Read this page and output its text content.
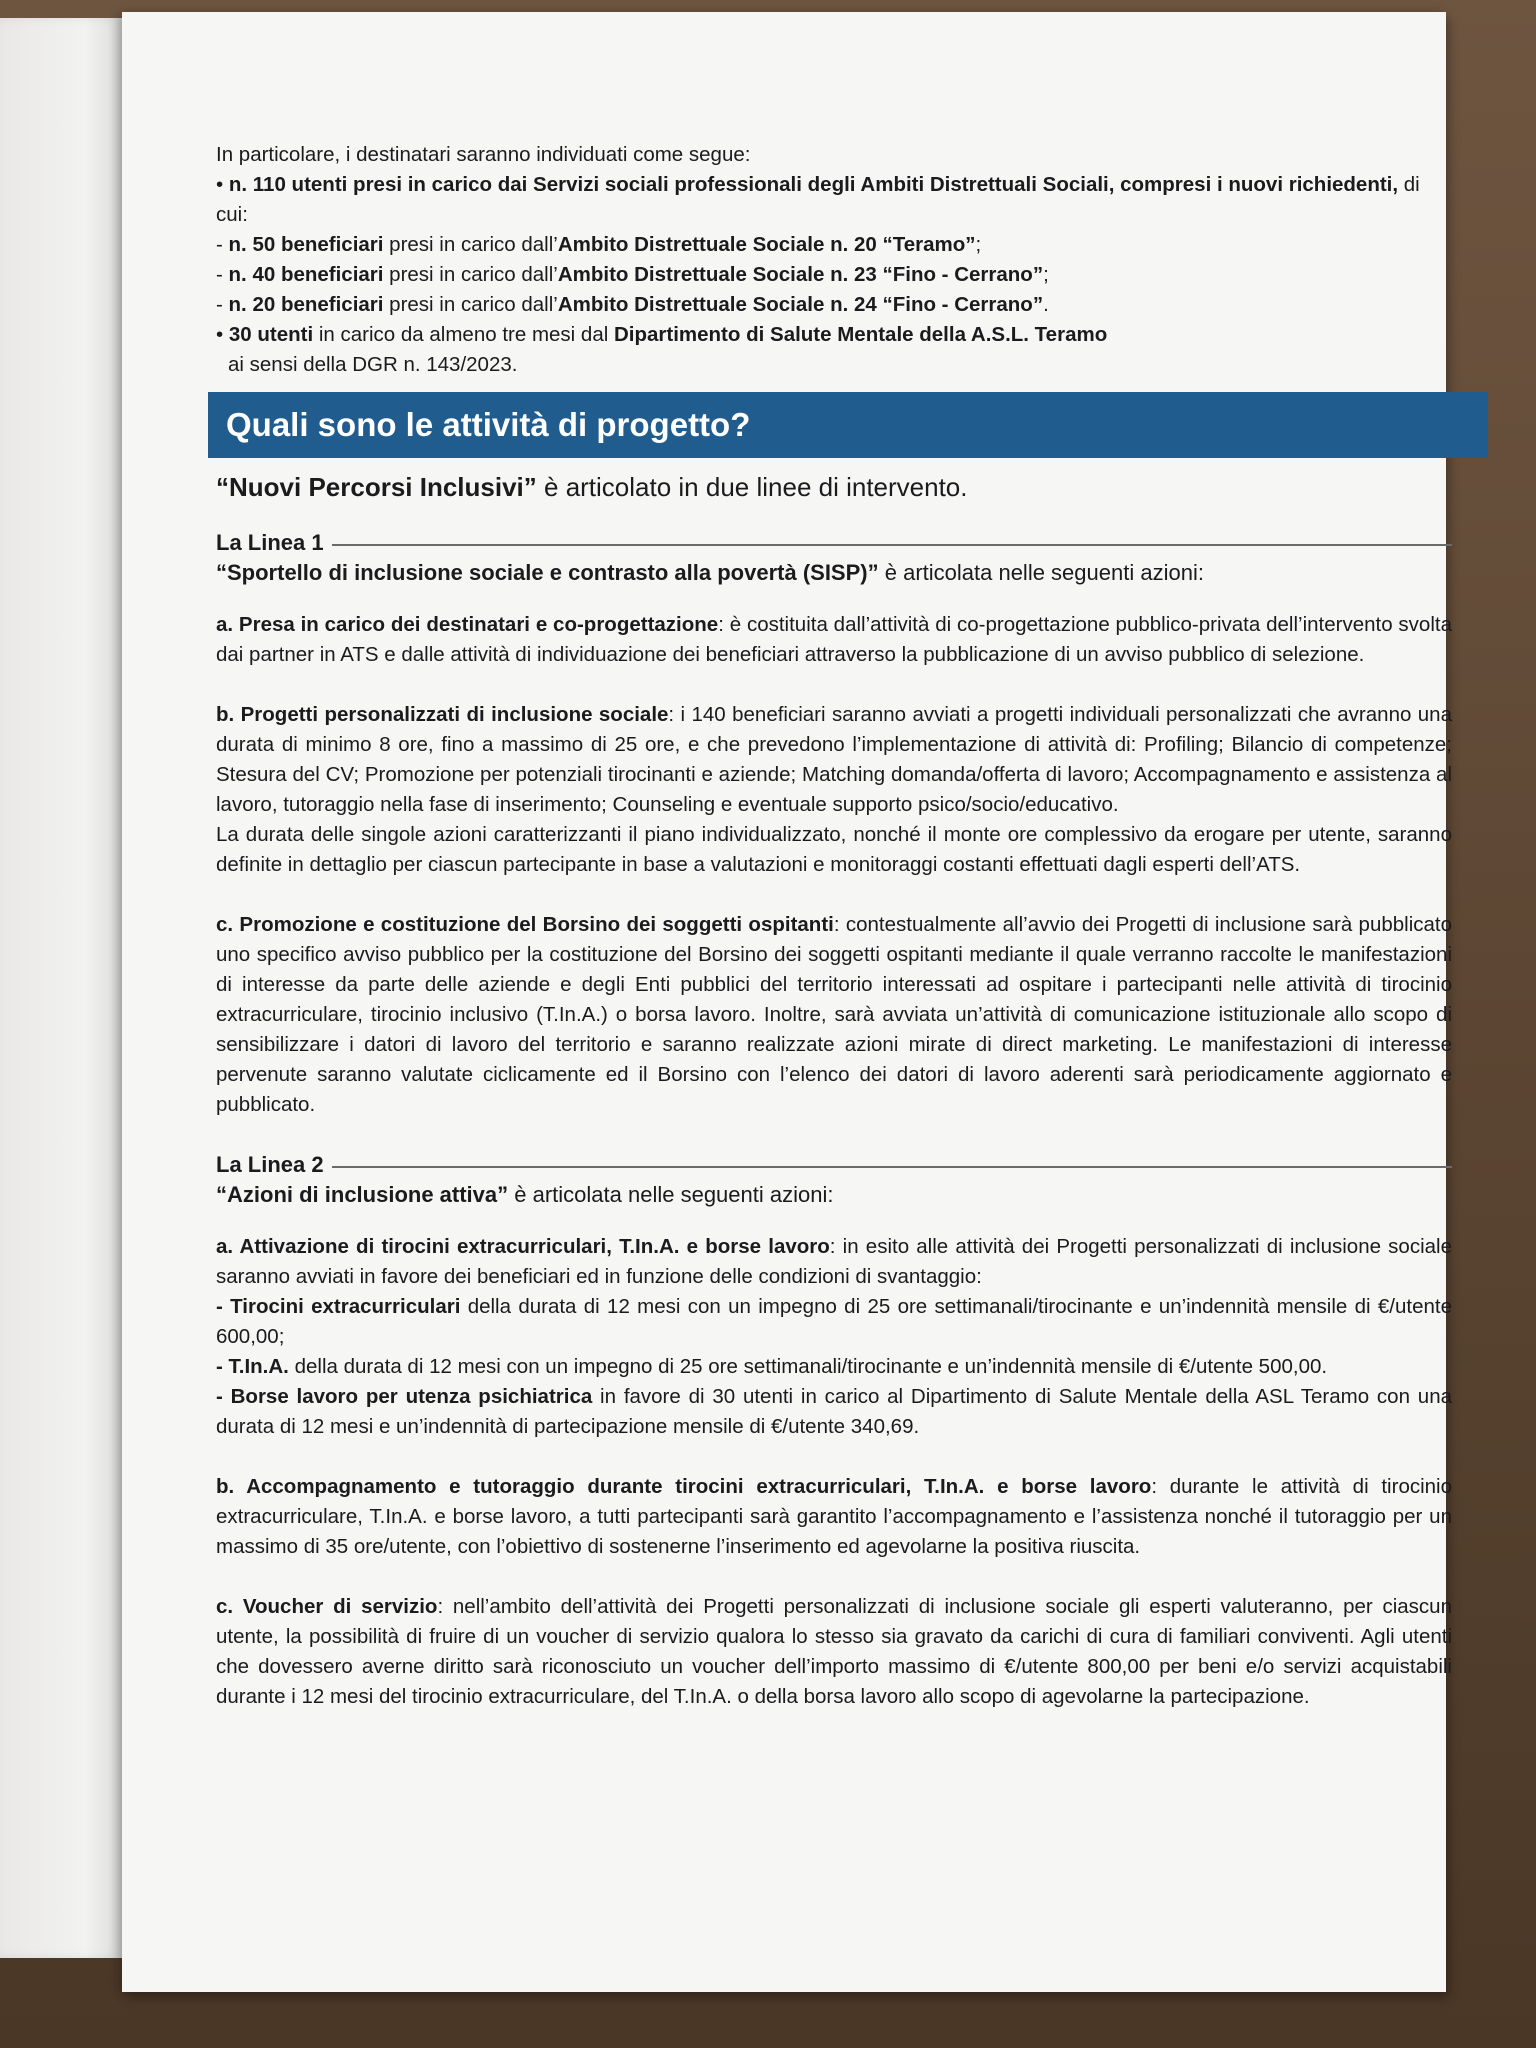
In particolare, i destinatari saranno individuati come segue:

• n. 110 utenti presi in carico dai Servizi sociali professionali degli Ambiti Distrettuali Sociali, compresi i nuovi richiedenti, di cui:

- n. 50 beneficiari presi in carico dall’Ambito Distrettuale Sociale n. 20 “Teramo”;

- n. 40 beneficiari presi in carico dall’Ambito Distrettuale Sociale n. 23 “Fino - Cerrano”;

- n. 20 beneficiari presi in carico dall’Ambito Distrettuale Sociale n. 24 “Fino - Cerrano”.

• 30 utenti in carico da almeno tre mesi dal Dipartimento di Salute Mentale della A.S.L. Teramo

ai sensi della DGR n. 143/2023.

Quali sono le attività di progetto?

“Nuovi Percorsi Inclusivi” è articolato in due linee di intervento.

La Linea 1

“Sportello di inclusione sociale e contrasto alla povertà (SISP)” è articolata nelle seguenti azioni:

a. Presa in carico dei destinatari e co-progettazione: è costituita dall’attività di co-progettazione pubblico-privata dell’intervento svolta dai partner in ATS e dalle attività di individuazione dei beneficiari attraverso la pubblicazione di un avviso pubblico di selezione.

b. Progetti personalizzati di inclusione sociale: i 140 beneficiari saranno avviati a progetti individuali personalizzati che avranno una durata di minimo 8 ore, fino a massimo di 25 ore, e che prevedono l’implementazione di attività di: Profiling; Bilancio di competenze; Stesura del CV; Promozione per potenziali tirocinanti e aziende; Matching domanda/offerta di lavoro; Accompagnamento e assistenza al lavoro, tutoraggio nella fase di inserimento; Counseling e eventuale supporto psico/socio/educativo.

La durata delle singole azioni caratterizzanti il piano individualizzato, nonché il monte ore complessivo da erogare per utente, saranno definite in dettaglio per ciascun partecipante in base a valutazioni e monitoraggi costanti effettuati dagli esperti dell’ATS.

c. Promozione e costituzione del Borsino dei soggetti ospitanti: contestualmente all’avvio dei Progetti di inclusione sarà pubblicato uno specifico avviso pubblico per la costituzione del Borsino dei soggetti ospitanti mediante il quale verranno raccolte le manifestazioni di interesse da parte delle aziende e degli Enti pubblici del territorio interessati ad ospitare i partecipanti nelle attività di tirocinio extracurriculare, tirocinio inclusivo (T.In.A.) o borsa lavoro. Inoltre, sarà avviata un’attività di comunicazione istituzionale allo scopo di sensibilizzare i datori di lavoro del territorio e saranno realizzate azioni mirate di direct marketing. Le manifestazioni di interesse pervenute saranno valutate ciclicamente ed il Borsino con l’elenco dei datori di lavoro aderenti sarà periodicamente aggiornato e pubblicato.

La Linea 2

“Azioni di inclusione attiva” è articolata nelle seguenti azioni:

a. Attivazione di tirocini extracurriculari, T.In.A. e borse lavoro: in esito alle attività dei Progetti personalizzati di inclusione sociale saranno avviati in favore dei beneficiari ed in funzione delle condizioni di svantaggio:

- Tirocini extracurriculari della durata di 12 mesi con un impegno di 25 ore settimanali/tirocinante e un’indennità mensile di €/utente 600,00;

- T.In.A. della durata di 12 mesi con un impegno di 25 ore settimanali/tirocinante e un’indennità mensile di €/utente 500,00.

- Borse lavoro per utenza psichiatrica in favore di 30 utenti in carico al Dipartimento di Salute Mentale della ASL Teramo con una durata di 12 mesi e un’indennità di partecipazione mensile di €/utente 340,69.

b. Accompagnamento e tutoraggio durante tirocini extracurriculari, T.In.A. e borse lavoro: durante le attività di tirocinio extracurriculare, T.In.A. e borse lavoro, a tutti partecipanti sarà garantito l’accompagnamento e l’assistenza nonché il tutoraggio per un massimo di 35 ore/utente, con l’obiettivo di sostenerne l’inserimento ed agevolarne la positiva riuscita.

c. Voucher di servizio: nell’ambito dell’attività dei Progetti personalizzati di inclusione sociale gli esperti valuteranno, per ciascun utente, la possibilità di fruire di un voucher di servizio qualora lo stesso sia gravato da carichi di cura di familiari conviventi. Agli utenti che dovessero averne diritto sarà riconosciuto un voucher dell’importo massimo di €/utente 800,00 per beni e/o servizi acquistabili durante i 12 mesi del tirocinio extracurriculare, del T.In.A. o della borsa lavoro allo scopo di agevolarne la partecipazione.
